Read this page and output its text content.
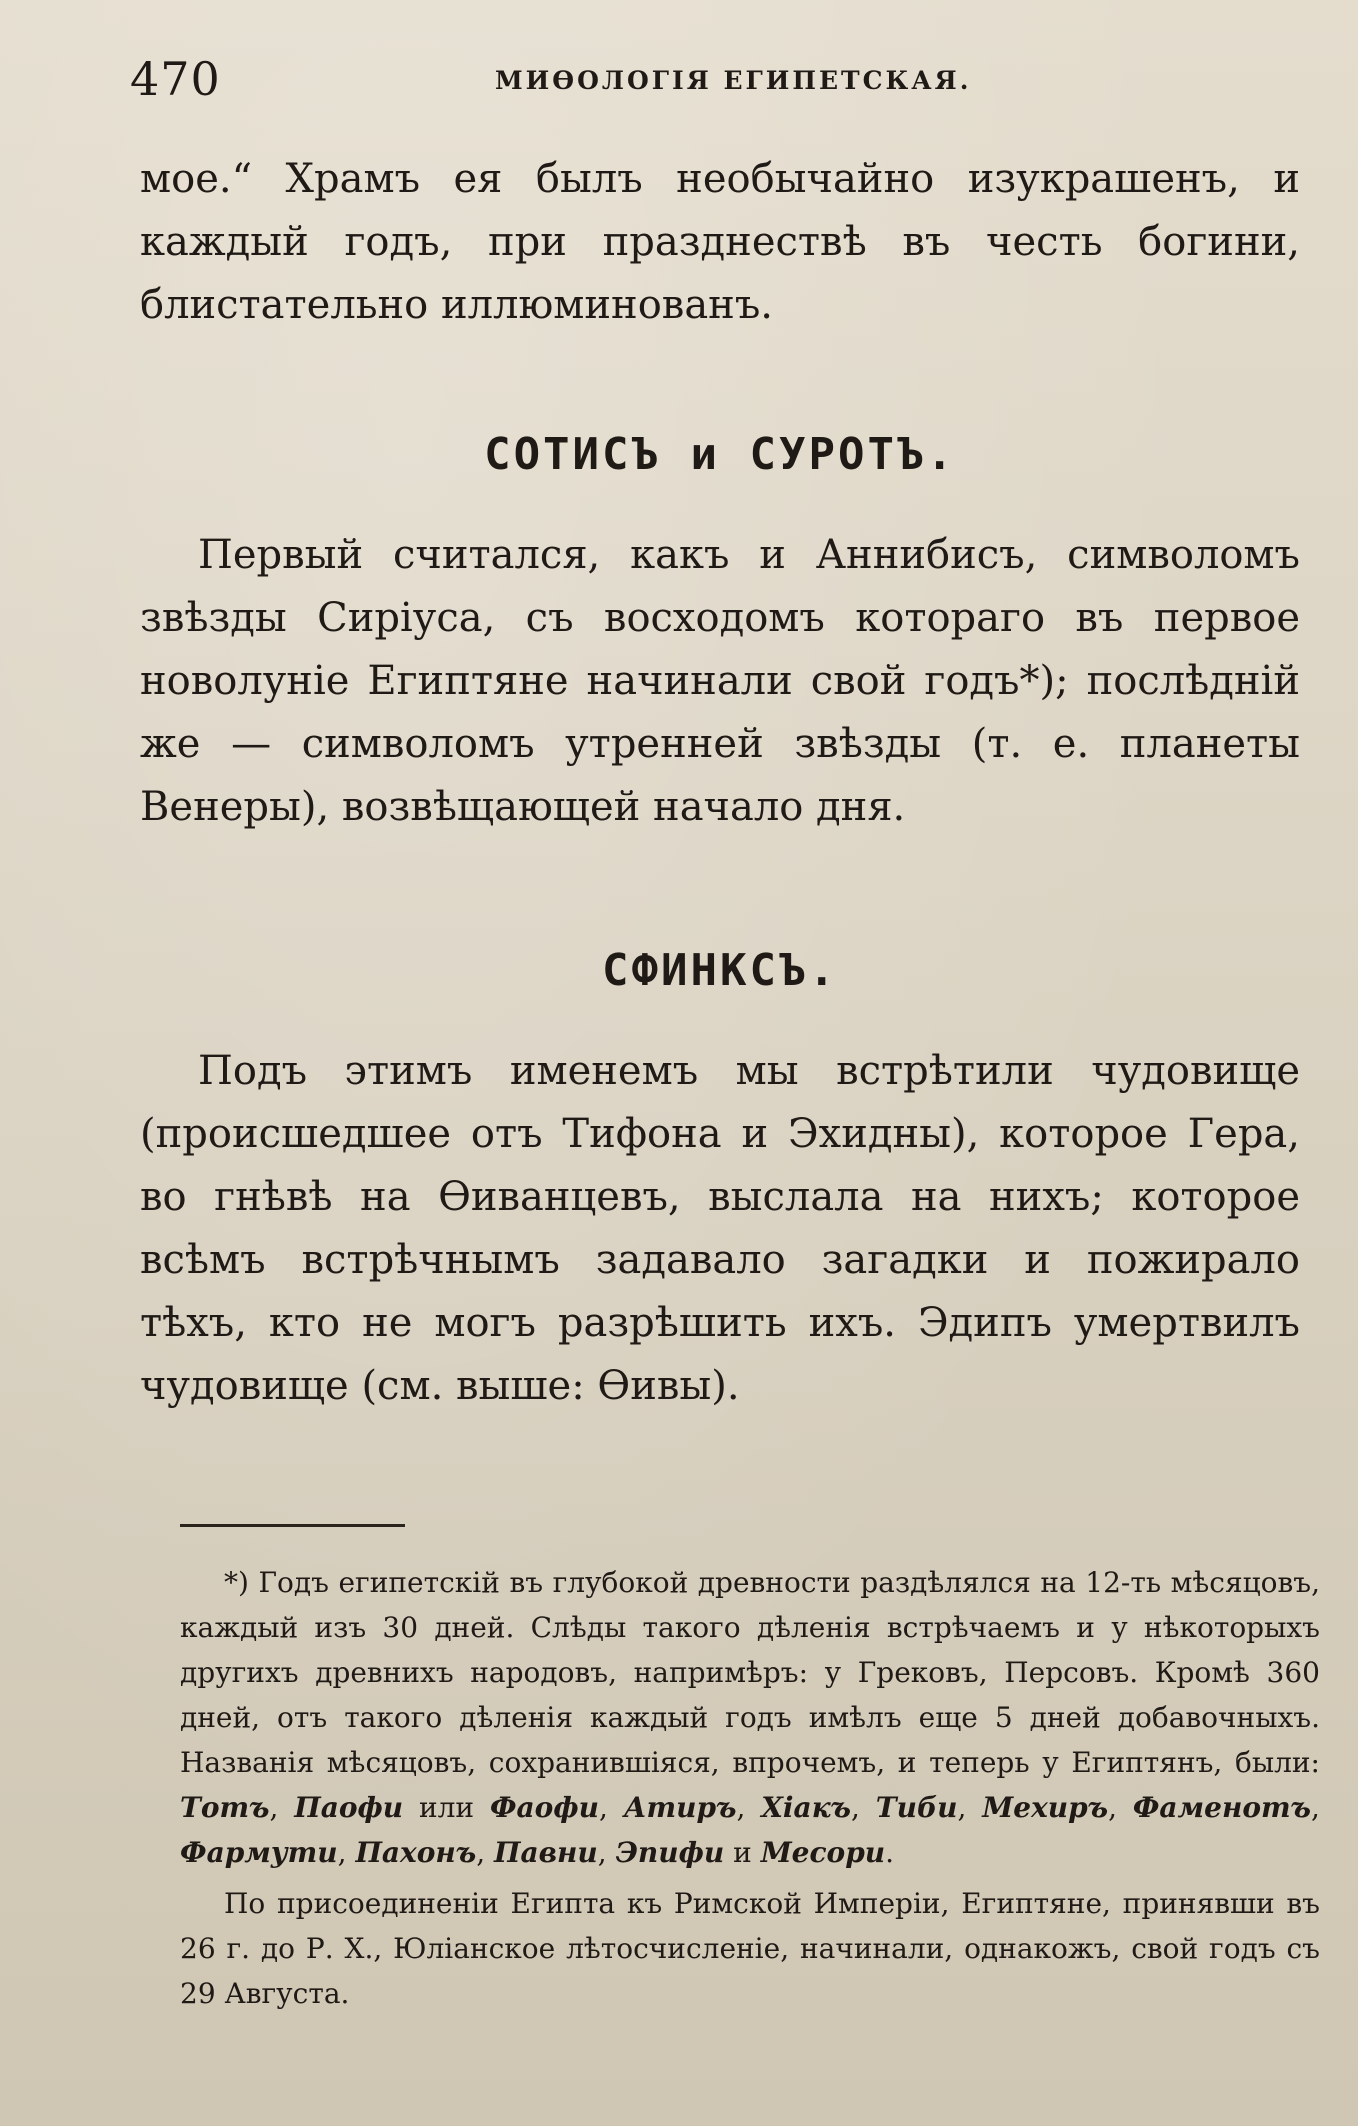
470	МИѲОЛОГІЯ ЕГИПЕТСКАЯ.

мое.“ Храмъ ея былъ необычайно изукрашенъ, и каждый годъ, при празднествѣ въ честь богини, блистательно иллюминованъ.

СОТИСЪ и СУРОТЪ.

Первый считался, какъ и Аннибисъ, символомъ звѣзды Сиріуса, съ восходомъ котораго въ первое новолуніе Египтяне начинали свой годъ*); послѣдній же — символомъ утренней звѣзды (т. е. планеты Венеры), возвѣщающей начало дня.

СФИНКСЪ.

Подъ этимъ именемъ мы встрѣтили чудовище (происшедшее отъ Тифона и Эхидны), которое Гера, во гнѣвѣ на Ѳиванцевъ, выслала на нихъ; которое всѣмъ встрѣчнымъ задавало загадки и пожирало тѣхъ, кто не могъ разрѣшить ихъ. Эдипъ умертвилъ чудовище (см. выше: Ѳивы).

*) Годъ египетскій въ глубокой древности раздѣлялся на 12-ть мѣсяцовъ, каждый изъ 30 дней. Слѣды такого дѣленія встрѣчаемъ и у нѣкоторыхъ другихъ древнихъ народовъ, напримѣръ: у Грековъ, Персовъ. Кромѣ 360 дней, отъ такого дѣленія каждый годъ имѣлъ еще 5 дней добавочныхъ. Названія мѣсяцовъ, сохранившіяся, впрочемъ, и теперь у Египтянъ, были: Тотъ, Паофи или Фаофи, Атиръ, Хіакъ, Тиби, Мехиръ, Фаменотъ, Фармути, Пахонъ, Павни, Эпифи и Месори.

По присоединеніи Египта къ Римской Имперіи, Египтяне, принявши въ 26 г. до Р. Х., Юліанское лѣтосчисленіе, начинали, однакожъ, свой годъ съ 29 Августа.
